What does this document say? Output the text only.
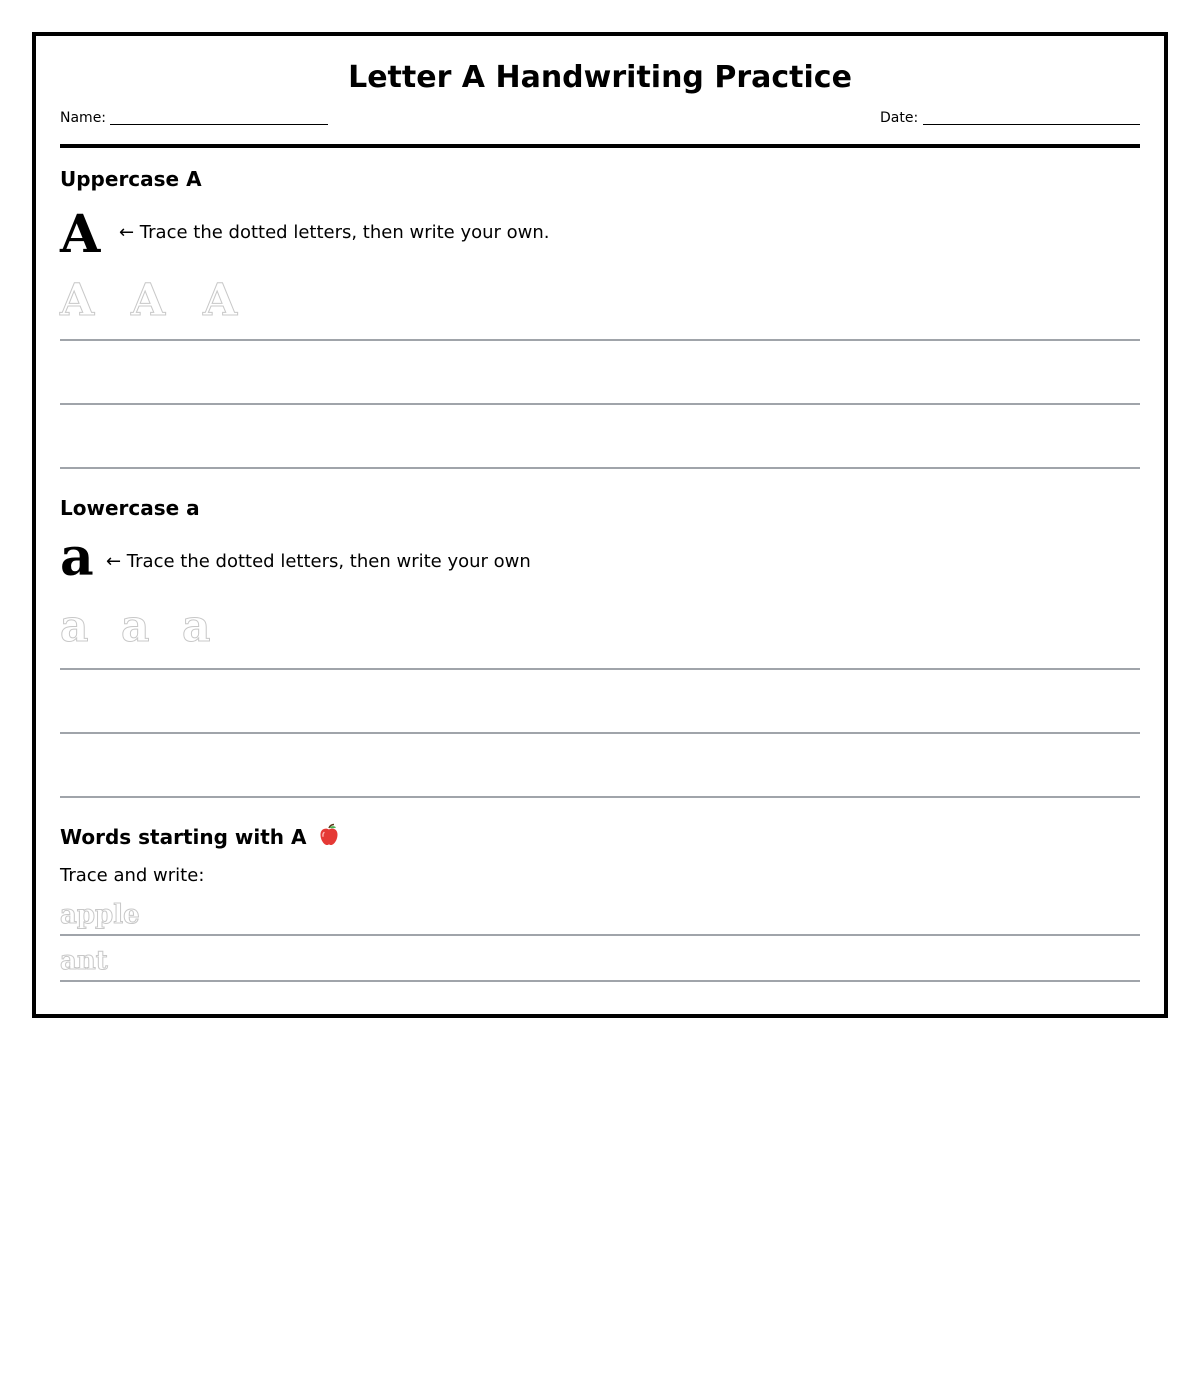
Letter A Handwriting Practice
Name:	Date:
Uppercase A
A ← Trace the dotted letters, then write your own.
A A A
Lowercase a
a ← Trace the dotted letters, then write your own
a a a
Words starting with A
Trace and write:
apple
ant
